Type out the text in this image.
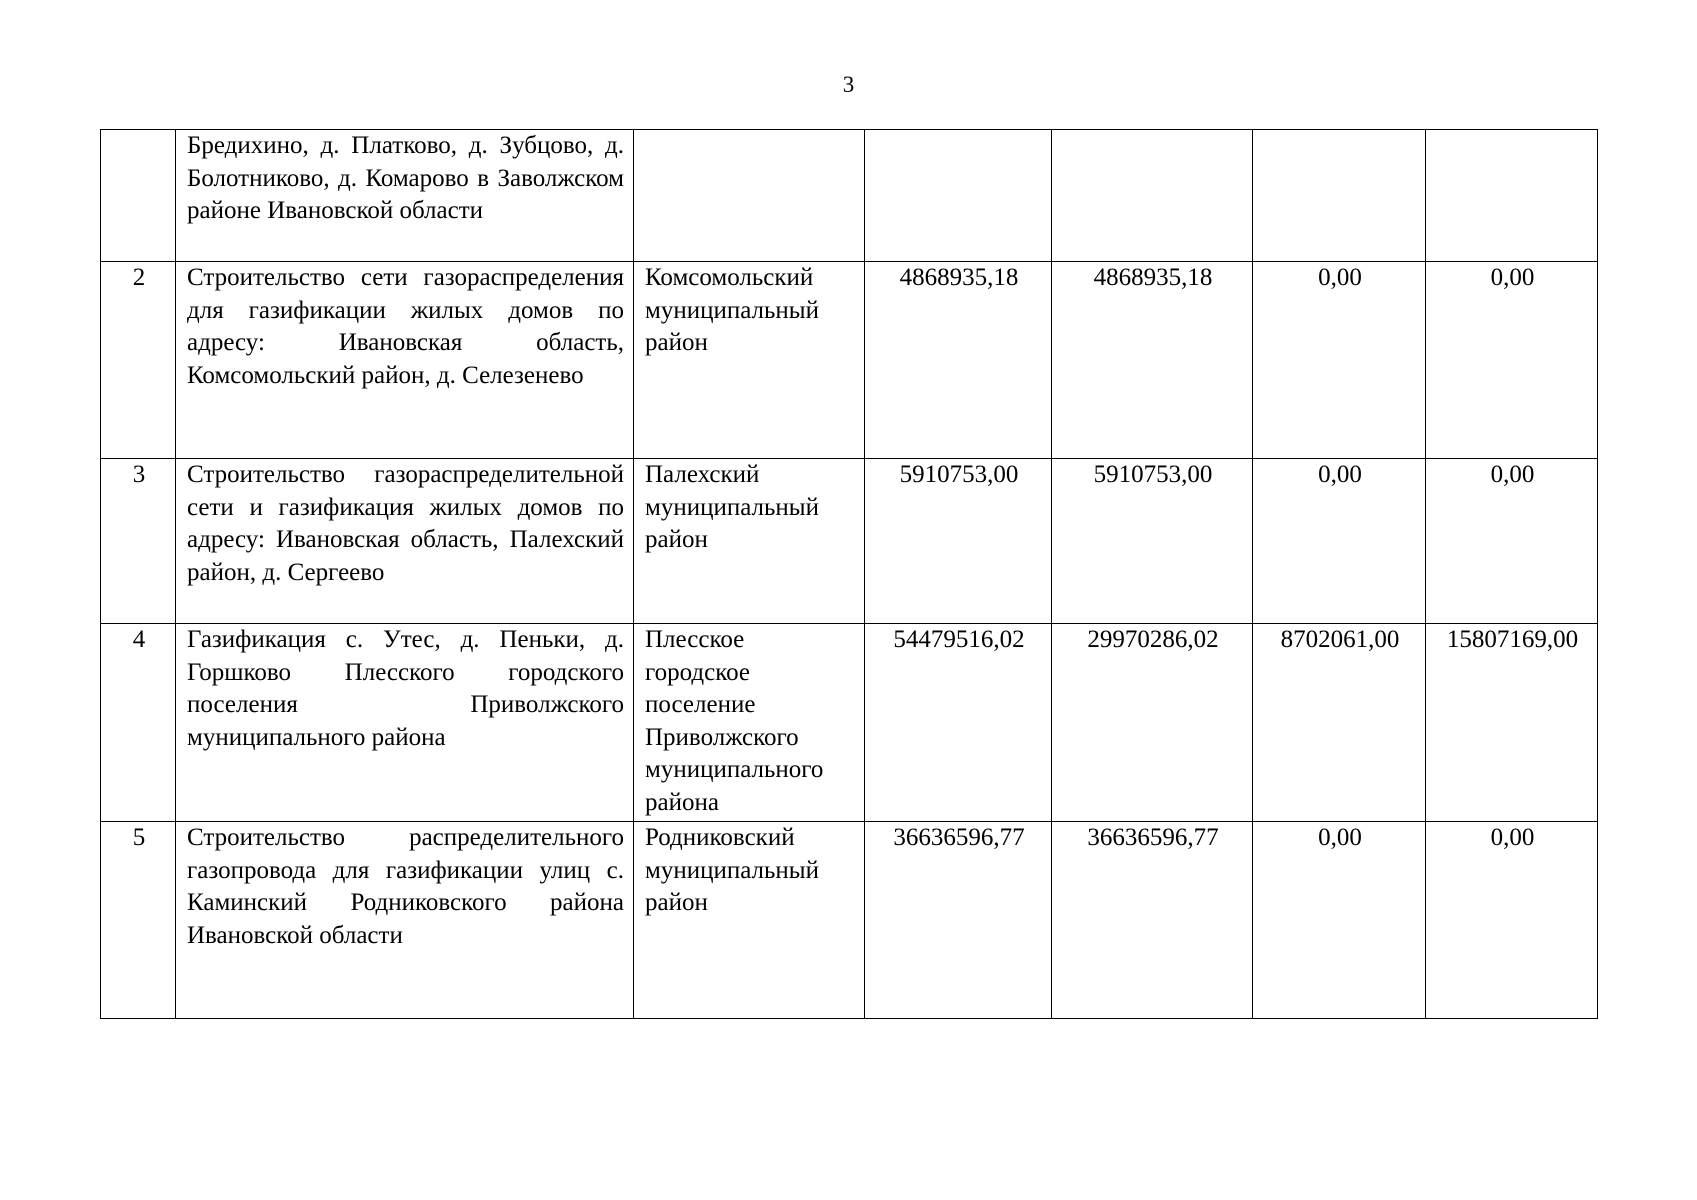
3
	Бредихино, д. Платково, д. Зубцово, д. Болотниково, д. Комарово в Заволжском районе Ивановской области					
2	Строительство сети газораспределения для газификации жилых домов по адресу: Ивановская область, Комсомольский район, д. Селезенево	Комсомольский муниципальный район	4868935,18	4868935,18	0,00	0,00
3	Строительство газораспределительной сети и газификация жилых домов по адресу: Ивановская область, Палехский район, д. Сергеево	Палехский муниципальный район	5910753,00	5910753,00	0,00	0,00
4	Газификация с. Утес, д. Пеньки, д. Горшково Плесского городского поселения Приволжского муниципального района	Плесское городское поселение Приволжского муниципального района	54479516,02	29970286,02	8702061,00	15807169,00
5	Строительство распределительного газопровода для газификации улиц с. Каминский Родниковского района Ивановской области	Родниковский муниципальный район	36636596,77	36636596,77	0,00	0,00
